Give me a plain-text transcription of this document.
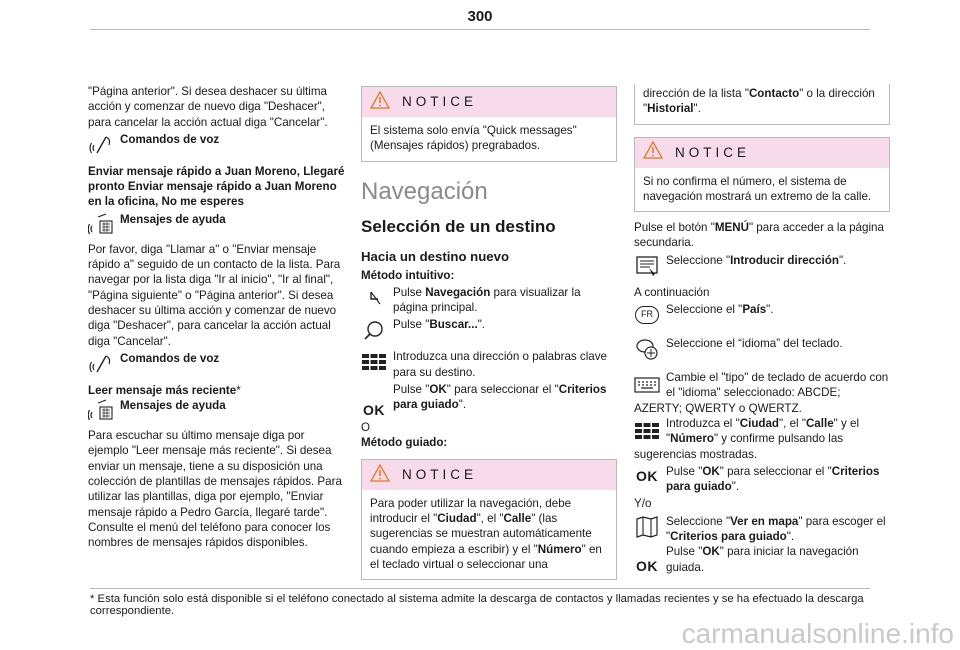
300

"Página anterior". Si desea deshacer su última acción y comenzar de nuevo diga "Deshacer", para cancelar la acción actual diga "Cancelar".

Comandos de voz

Enviar mensaje rápido a Juan Moreno, Llegaré pronto Enviar mensaje rápido a Juan Moreno en la oficina, No me esperes

Mensajes de ayuda

Por favor, diga "Llamar a" o "Enviar mensaje rápido a" seguido de un contacto de la lista. Para navegar por la lista diga "Ir al inicio", "Ir al final", "Página siguiente" o "Página anterior". Si desea deshacer su última acción y comenzar de nuevo diga "Deshacer", para cancelar la acción actual diga "Cancelar".

Comandos de voz

Leer mensaje más reciente*

Mensajes de ayuda

Para escuchar su último mensaje diga por ejemplo "Leer mensaje más reciente". Si desea enviar un mensaje, tiene a su disposición una colección de plantillas de mensajes rápidos. Para utilizar las plantillas, diga por ejemplo, "Enviar mensaje rápido a Pedro García, llegaré tarde". Consulte el menú del teléfono para conocer los nombres de mensajes rápidos disponibles.

NOTICE
El sistema solo envía "Quick messages" (Mensajes rápidos) pregrabados.
Navegación
Selección de un destino
Hacia un destino nuevo
Método intuitivo:
Pulse Navegación para visualizar la página principal.
Pulse "Buscar...".
Introduzca una dirección o palabras clave para su destino.
OK
Pulse "OK" para seleccionar el "Criterios para guiado".
O
Método guiado:
NOTICE
Para poder utilizar la navegación, debe introducir el "Ciudad", el "Calle" (las sugerencias se muestran automáticamente cuando empieza a escribir) y el "Número" en el teclado virtual o seleccionar una
dirección de la lista "Contacto" o la dirección "Historial".
NOTICE
Si no confirma el número, el sistema de navegación mostrará un extremo de la calle.

Pulse el botón "MENÚ" para acceder a la página secundaria.

Seleccione "Introducir dirección".
A continuación
FR	Seleccione el "País".
Seleccione el “idioma” del teclado.
Cambie el "tipo" de teclado de acuerdo con el "idioma" seleccionado: ABCDE; AZERTY; QWERTY o QWERTZ.
Introduzca el "Ciudad", el "Calle" y el "Número" y confirme pulsando las sugerencias mostradas.
OK Pulse "OK" para seleccionar el "Criterios para guiado".
Y/o
Seleccione "Ver en mapa" para escoger el "Criterios para guiado".
OK
Pulse "OK" para iniciar la navegación guiada.
* Esta función solo está disponible si el teléfono conectado al sistema admite la descarga de contactos y llamadas recientes y se ha efectuado la descarga correspondiente.
carmanualsonline.info
